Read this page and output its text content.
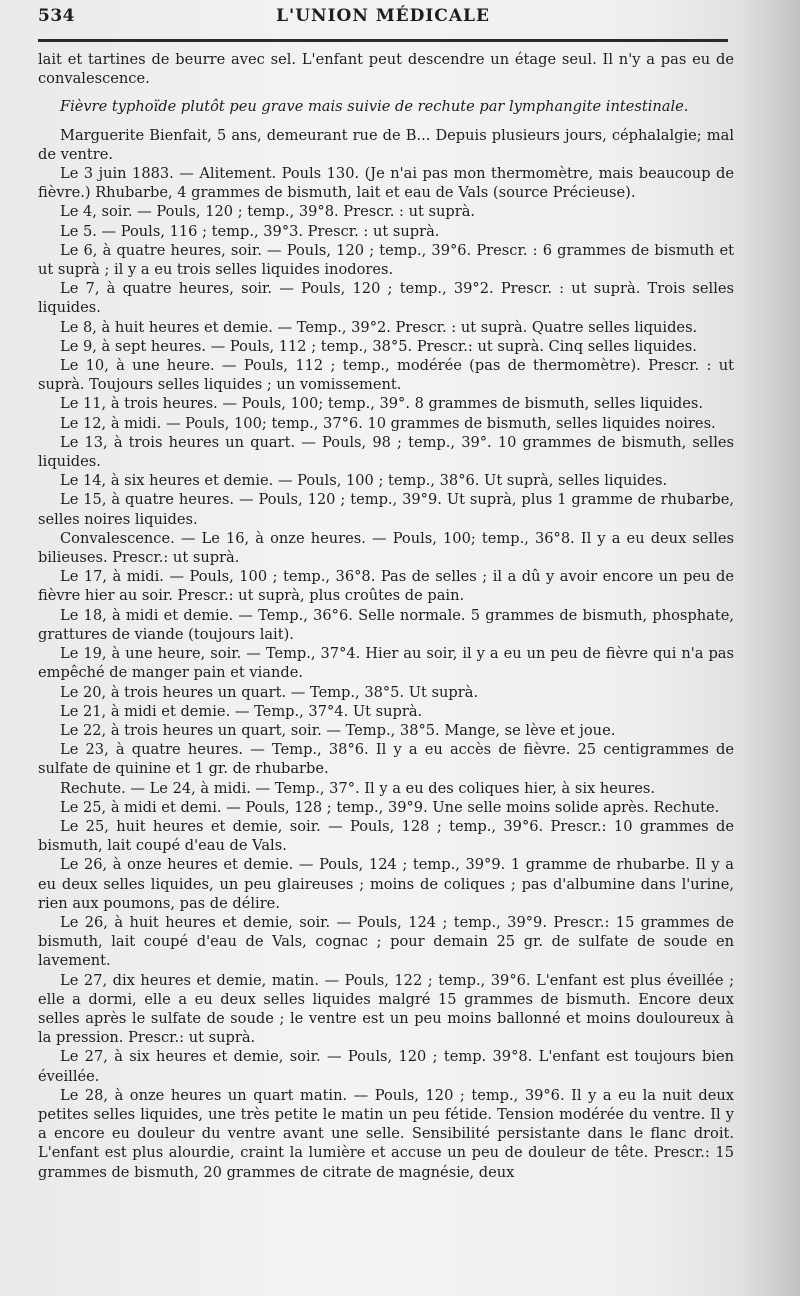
L'UNION MÉDICALE
534

lait et tartines de beurre avec sel. L'enfant peut descendre un étage seul. Il n'y a pas eu de convalescence.

Fièvre typhoïde plutôt peu grave mais suivie de rechute par lymphangite intestinale.

Marguerite Bienfait, 5 ans, demeurant rue de B... Depuis plusieurs jours, céphalalgie; mal de ventre.

Le 3 juin 1883. — Alitement. Pouls 130. (Je n'ai pas mon thermomètre, mais beaucoup de fièvre.) Rhubarbe, 4 grammes de bismuth, lait et eau de Vals (source Précieuse).

Le 4, soir. — Pouls, 120 ; temp., 39°8. Prescr. : ut suprà.

Le 5. — Pouls, 116 ; temp., 39°3. Prescr. : ut suprà.

Le 6, à quatre heures, soir. — Pouls, 120 ; temp., 39°6. Prescr. : 6 grammes de bismuth et ut suprà ; il y a eu trois selles liquides inodores.

Le 7, à quatre heures, soir. — Pouls, 120 ; temp., 39°2. Prescr. : ut suprà. Trois selles liquides.

Le 8, à huit heures et demie. — Temp., 39°2. Prescr. : ut suprà. Quatre selles liquides.

Le 9, à sept heures. — Pouls, 112 ; temp., 38°5. Prescr.: ut suprà. Cinq selles liquides.

Le 10, à une heure. — Pouls, 112 ; temp., modérée (pas de thermomètre). Prescr. : ut suprà. Toujours selles liquides ; un vomissement.

Le 11, à trois heures. — Pouls, 100; temp., 39°. 8 grammes de bismuth, selles liquides.

Le 12, à midi. — Pouls, 100; temp., 37°6. 10 grammes de bismuth, selles liquides noires.

Le 13, à trois heures un quart. — Pouls, 98 ; temp., 39°. 10 grammes de bismuth, selles liquides.

Le 14, à six heures et demie. — Pouls, 100 ; temp., 38°6. Ut suprà, selles liquides.

Le 15, à quatre heures. — Pouls, 120 ; temp., 39°9. Ut suprà, plus 1 gramme de rhubarbe, selles noires liquides.

Convalescence. — Le 16, à onze heures. — Pouls, 100; temp., 36°8. Il y a eu deux selles bilieuses. Prescr.: ut suprà.

Le 17, à midi. — Pouls, 100 ; temp., 36°8. Pas de selles ; il a dû y avoir encore un peu de fièvre hier au soir. Prescr.: ut suprà, plus croûtes de pain.

Le 18, à midi et demie. — Temp., 36°6. Selle normale. 5 grammes de bismuth, phosphate, grattures de viande (toujours lait).

Le 19, à une heure, soir. — Temp., 37°4. Hier au soir, il y a eu un peu de fièvre qui n'a pas empêché de manger pain et viande.

Le 20, à trois heures un quart. — Temp., 38°5. Ut suprà.

Le 21, à midi et demie. — Temp., 37°4. Ut suprà.

Le 22, à trois heures un quart, soir. — Temp., 38°5. Mange, se lève et joue.

Le 23, à quatre heures. — Temp., 38°6. Il y a eu accès de fièvre. 25 centigrammes de sulfate de quinine et 1 gr. de rhubarbe.

Rechute. — Le 24, à midi. — Temp., 37°. Il y a eu des coliques hier, à six heures.

Le 25, à midi et demi. — Pouls, 128 ; temp., 39°9. Une selle moins solide après. Rechute.

Le 25, huit heures et demie, soir. — Pouls, 128 ; temp., 39°6. Prescr.: 10 grammes de bismuth, lait coupé d'eau de Vals.

Le 26, à onze heures et demie. — Pouls, 124 ; temp., 39°9. 1 gramme de rhubarbe. Il y a eu deux selles liquides, un peu glaireuses ; moins de coliques ; pas d'albumine dans l'urine, rien aux poumons, pas de délire.

Le 26, à huit heures et demie, soir. — Pouls, 124 ; temp., 39°9. Prescr.: 15 grammes de bismuth, lait coupé d'eau de Vals, cognac ; pour demain 25 gr. de sulfate de soude en lavement.

Le 27, dix heures et demie, matin. — Pouls, 122 ; temp., 39°6. L'enfant est plus éveillée ; elle a dormi, elle a eu deux selles liquides malgré 15 grammes de bismuth. Encore deux selles après le sulfate de soude ; le ventre est un peu moins ballonné et moins douloureux à la pression. Prescr.: ut suprà.

Le 27, à six heures et demie, soir. — Pouls, 120 ; temp. 39°8. L'enfant est toujours bien éveillée.

Le 28, à onze heures un quart matin. — Pouls, 120 ; temp., 39°6. Il y a eu la nuit deux petites selles liquides, une très petite le matin un peu fétide. Tension modérée du ventre. Il y a encore eu douleur du ventre avant une selle. Sensibilité persistante dans le flanc droit. L'enfant est plus alourdie, craint la lumière et accuse un peu de douleur de tête. Prescr.: 15 grammes de bismuth, 20 grammes de citrate de magnésie, deux
